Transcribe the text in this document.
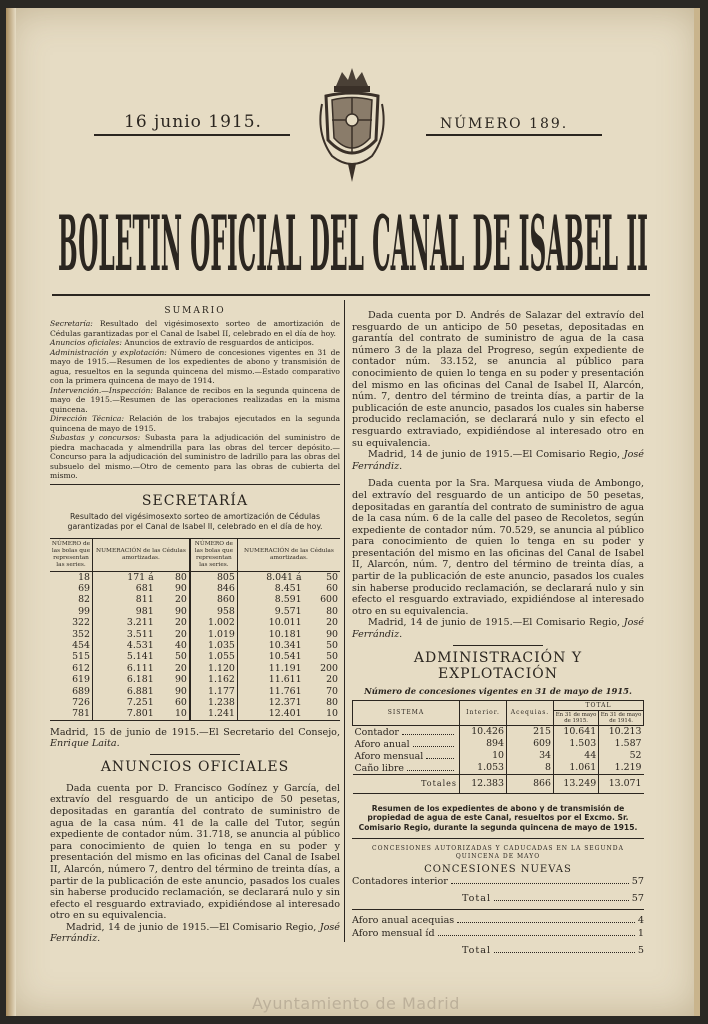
16 junio 1915.	NÚMERO 189.
BOLETIN OFICIAL DEL CANAL DE ISABEL II
SUMARIO
Secretaría: Resultado del vigésimosexto sorteo de amortización de Cédulas garantizadas por el Canal de Isabel II, celebrado en el día de hoy.
Anuncios oficiales: Anuncios de extravío de resguardos de anticipos.
Administración y explotación: Número de concesiones vigentes en 31 de mayo de 1915.—Resumen de los expedientes de abono y transmisión de agua, resueltos en la segunda quincena del mismo.—Estado comparativo con la primera quincena de mayo de 1914.
Intervención.—Inspección: Balance de recibos en la segunda quincena de mayo de 1915.—Resumen de las operaciones realizadas en la misma quincena.
Dirección Técnica: Relación de los trabajos ejecutados en la segunda quincena de mayo de 1915.
Subastas y concursos: Subasta para la adjudicación del suministro de piedra machacada y almendrilla para las obras del tercer depósito.—Concurso para la adjudicación del suministro de ladrillo para las obras del subsuelo del mismo.—Otro de cemento para las obras de cubierta del mismo.
SECRETARÍA
Resultado del vigésimosexto sorteo de amortización de Cédulas garantizadas por el Canal de Isabel II, celebrado en el día de hoy.
NÚMERO de las bolas que representan las series.	NUMERACIÓN de las Cédulas amortizadas.		NÚMERO de las bolas que representan las series.	NUMERACIÓN de las Cédulas amortizadas.	
18	171 á	80	805	8.041 á	50
69	681	90	846	8.451	60
82	811	20	860	8.591	600
99	981	90	958	9.571	80
322	3.211	20	1.002	10.011	20
352	3.511	20	1.019	10.181	90
454	4.531	40	1.035	10.341	50
515	5.141	50	1.055	10.541	50
612	6.111	20	1.120	11.191	200
619	6.181	90	1.162	11.611	20
689	6.881	90	1.177	11.761	70
726	7.251	60	1.238	12.371	80
781	7.801	10	1.241	12.401	10
Madrid, 15 de junio de 1915.—El Secretario del Consejo, Enrique Laita.
ANUNCIOS OFICIALES
Dada cuenta por D. Francisco Godínez y García, del extravío del resguardo de un anticipo de 50 pesetas, depositadas en garantía del contrato de suministro de agua de la casa núm. 41 de la calle del Tutor, según expediente de contador núm. 31.718, se anuncia al público para conocimiento de quien lo tenga en su poder y presentación del mismo en las oficinas del Canal de Isabel II, Alarcón, número 7, dentro del término de treinta días, a partir de la publicación de este anuncio, pasados los cuales sin haberse producido reclamación, se declarará nulo y sin efecto el resguardo extraviado, expidiéndose al interesado otro en su equivalencia.
Madrid, 14 de junio de 1915.—El Comisario Regio, José Ferrándiz.
Dada cuenta por D. Andrés de Salazar del extravío del resguardo de un anticipo de 50 pesetas, depositadas en garantía del contrato de suministro de agua de la casa número 3 de la plaza del Progreso, según expediente de contador núm. 33.152, se anuncia al público para conocimiento de quien lo tenga en su poder y presentación del mismo en las oficinas del Canal de Isabel II, Alarcón, núm. 7, dentro del término de treinta días, a partir de la publicación de este anuncio, pasados los cuales sin haberse producido reclamación, se declarará nulo y sin efecto el resguardo extraviado, expidiéndose al interesado otro en su equivalencia.
Madrid, 14 de junio de 1915.—El Comisario Regio, José Ferrándiz.
Dada cuenta por la Sra. Marquesa viuda de Ambongo, del extravío del resguardo de un anticipo de 50 pesetas, depositadas en garantía del contrato de suministro de agua de la casa núm. 6 de la calle del paseo de Recoletos, según expediente de contador núm. 70.529, se anuncia al público para conocimiento de quien lo tenga en su poder y presentación del mismo en las oficinas del Canal de Isabel II, Alarcón, núm. 7, dentro del término de treinta días, a partir de la publicación de este anuncio, pasados los cuales sin haberse producido reclamación, se declarará nulo y sin efecto el resguardo extraviado, expidiéndose al interesado otro en su equivalencia.
Madrid, 14 de junio de 1915.—El Comisario Regio, José Ferrándiz.
ADMINISTRACIÓN Y EXPLOTACIÓN
Número de concesiones vigentes en 31 de mayo de 1915.
SISTEMA	Interior.	Acequias.	TOTAL	
			En 31 de mayo de 1915.	En 31 de mayo de 1914.

Contador	10.426	215	10.641	10.213

Aforo anual	894	609	1.503	1.587

Aforo mensual	10	34	44	52

Caño libre	1.053	8	1.061	1.219
Totales	12.383	866	13.249	13.071
Resumen de los expedientes de abono y de transmisión de propiedad de agua de este Canal, resueltos por el Excmo. Sr. Comisario Regio, durante la segunda quincena de mayo de 1915.
CONCESIONES AUTORIZADAS Y CADUCADAS EN LA SEGUNDA QUINCENA DE MAYO
CONCESIONES NUEVAS
Contadores interior	57
Total	57
Aforo anual acequias	4
Aforo mensual íd	1
Total	5
Ayuntamiento de Madrid
